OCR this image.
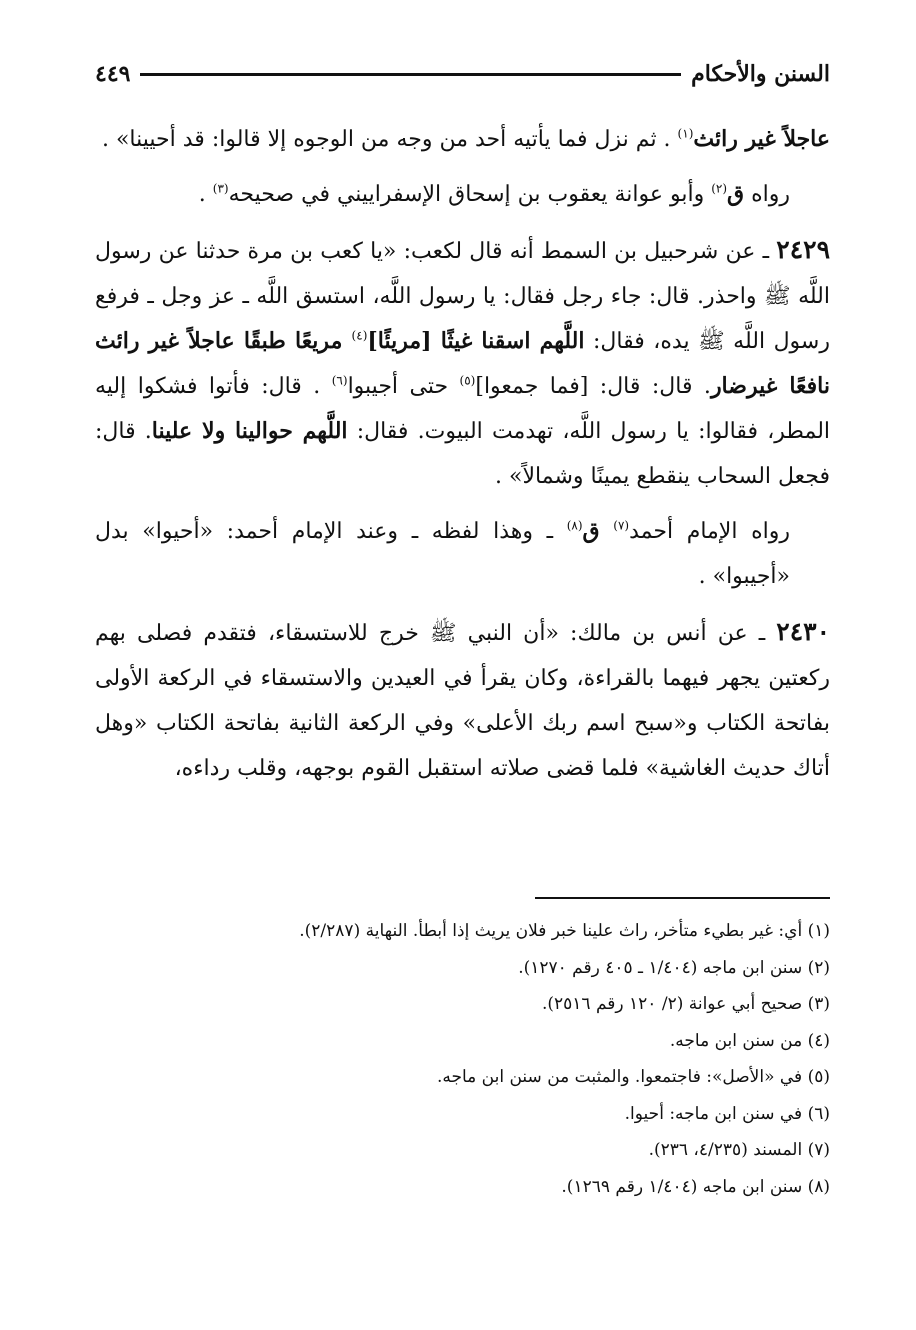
السنن والأحكام
٤٤٩

عاجلاً غير رائث$^{(١)}$ . ثم نزل فما يأتيه أحد من وجه من الوجوه إلا قالوا: قد أحيينا» .

رواه ق$^{(٢)}$ وأبو عوانة يعقوب بن إسحاق الإسفراييني في صحيحه$^{(٣)}$ .

٢٤٢٩ ـ عن شرحبيل بن السمط أنه قال لكعب: «يا كعب بن مرة حدثنا عن رسول اللَّه ﷺ واحذر. قال: جاء رجل فقال: يا رسول اللَّه، استسق اللَّه ـ عز وجل ـ فرفع رسول اللَّه ﷺ يده، فقال: اللَّهم اسقنا غيثًا [مريئًا]$^{(٤)}$ مريعًا طبقًا عاجلاً غير رائث نافعًا غيرضار. قال: قال: [فما جمعوا]$^{(٥)}$ حتى أجيبوا$^{(٦)}$ . قال: فأتوا فشكوا إليه المطر، فقالوا: يا رسول اللَّه، تهدمت البيوت. فقال: اللَّهم حوالينا ولا علينا. قال: فجعل السحاب ينقطع يمينًا وشمالاً» .

رواه الإمام أحمد$^{(٧)}$ ق$^{(٨)}$ ـ وهذا لفظه ـ وعند الإمام أحمد: «أحيوا» بدل «أجيبوا» .

٢٤٣٠ ـ عن أنس بن مالك: «أن النبي ﷺ خرج للاستسقاء، فتقدم فصلى بهم ركعتين يجهر فيهما بالقراءة، وكان يقرأ في العيدين والاستسقاء في الركعة الأولى بفاتحة الكتاب و«سبح اسم ربك الأعلى» وفي الركعة الثانية بفاتحة الكتاب «وهل أتاك حديث الغاشية» فلما قضى صلاته استقبل القوم بوجهه، وقلب رداءه،

(١) أي: غير بطيء متأخر، راث علينا خبر فلان يريث إذا أبطأ. النهاية (٢/٢٨٧).
(٢) سنن ابن ماجه (١/٤٠٤ ـ ٤٠٥ رقم ١٢٧٠).
(٣) صحيح أبي عوانة (٢/ ١٢٠ رقم ٢٥١٦).
(٤) من سنن ابن ماجه.
(٥) في «الأصل»: فاجتمعوا. والمثبت من سنن ابن ماجه.
(٦) في سنن ابن ماجه: أحيوا.
(٧) المسند (٤/٢٣٥، ٢٣٦).
(٨) سنن ابن ماجه (١/٤٠٤ رقم ١٢٦٩).
